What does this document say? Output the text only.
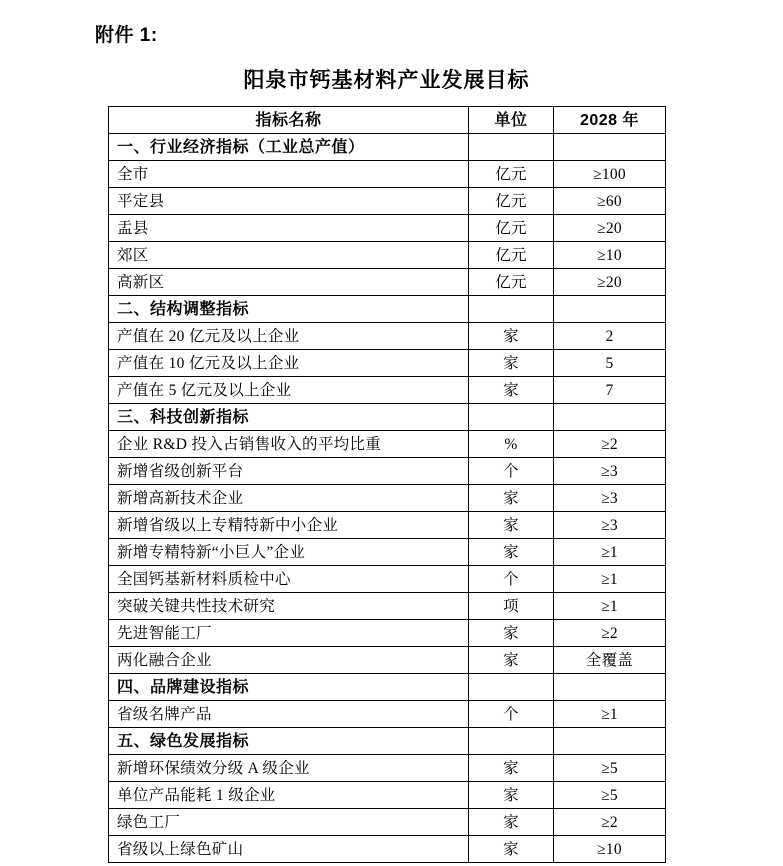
附件 1:
阳泉市钙基材料产业发展目标
指标名称	单位	2028 年
一、行业经济指标（工业总产值）		
全市	亿元	≥100
平定县	亿元	≥60
盂县	亿元	≥20
郊区	亿元	≥10
高新区	亿元	≥20
二、结构调整指标		
产值在 20 亿元及以上企业	家	2
产值在 10 亿元及以上企业	家	5
产值在 5 亿元及以上企业	家	7
三、科技创新指标		
企业 R&D 投入占销售收入的平均比重	%	≥2
新增省级创新平台	个	≥3
新增高新技术企业	家	≥3
新增省级以上专精特新中小企业	家	≥3
新增专精特新“小巨人”企业	家	≥1
全国钙基新材料质检中心	个	≥1
突破关键共性技术研究	项	≥1
先进智能工厂	家	≥2
两化融合企业	家	全覆盖
四、品牌建设指标		
省级名牌产品	个	≥1
五、绿色发展指标		
新增环保绩效分级 A 级企业	家	≥5
单位产品能耗 1 级企业	家	≥5
绿色工厂	家	≥2
省级以上绿色矿山	家	≥10
